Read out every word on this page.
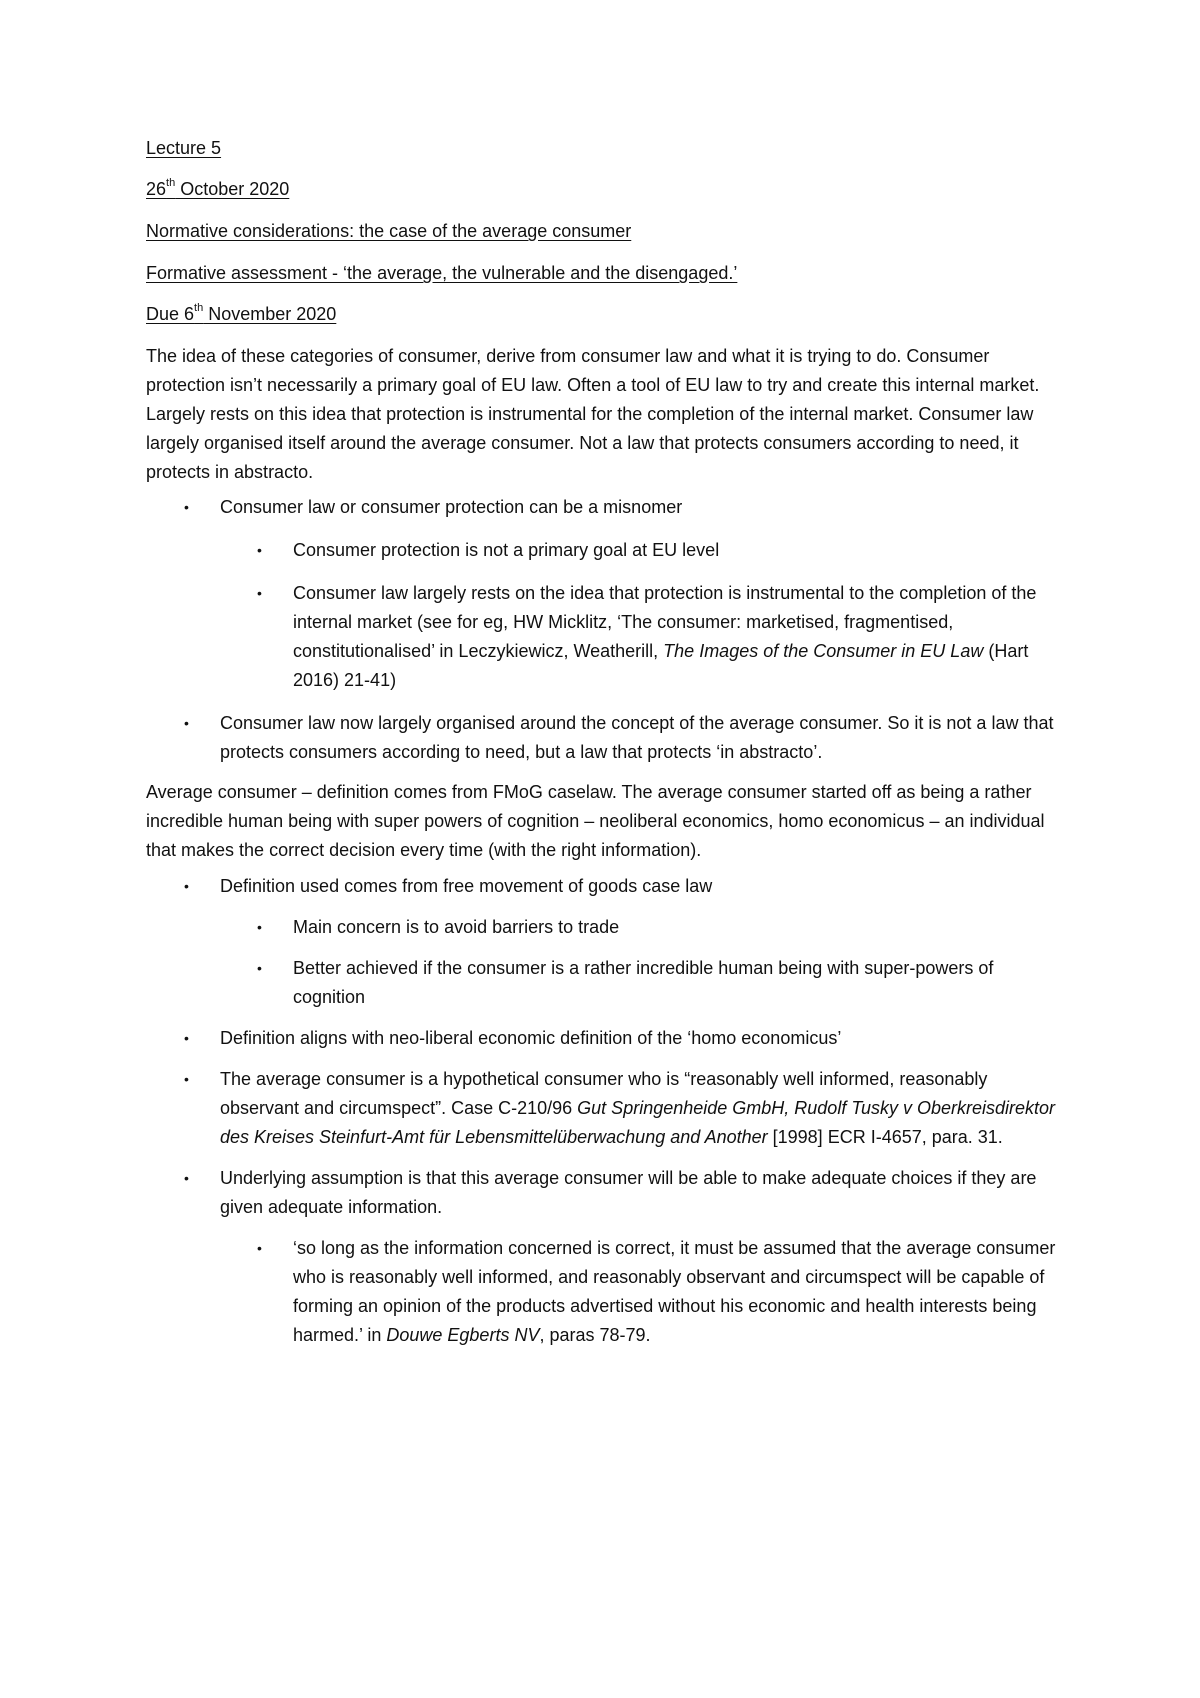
Lecture 5

26th October 2020

Normative considerations: the case of the average consumer

Formative assessment - ‘the average, the vulnerable and the disengaged.’

Due 6th November 2020

The idea of these categories of consumer, derive from consumer law and what it is trying to do. Consumer protection isn’t necessarily a primary goal of EU law. Often a tool of EU law to try and create this internal market. Largely rests on this idea that protection is instrumental for the completion of the internal market. Consumer law largely organised itself around the average consumer. Not a law that protects consumers according to need, it protects in abstracto.

• Consumer law or consumer protection can be a misnomer
• Consumer protection is not a primary goal at EU level
• Consumer law largely rests on the idea that protection is instrumental to the completion of the internal market (see for eg, HW Micklitz, ‘The consumer: marketised, fragmentised, constitutionalised’ in Leczykiewicz, Weatherill, The Images of the Consumer in EU Law (Hart 2016) 21-41)
• Consumer law now largely organised around the concept of the average consumer. So it is not a law that protects consumers according to need, but a law that protects ‘in abstracto’.

Average consumer – definition comes from FMoG caselaw. The average consumer started off as being a rather incredible human being with super powers of cognition – neoliberal economics, homo economicus – an individual that makes the correct decision every time (with the right information).

• Definition used comes from free movement of goods case law
• Main concern is to avoid barriers to trade
• Better achieved if the consumer is a rather incredible human being with super-powers of cognition
• Definition aligns with neo-liberal economic definition of the ‘homo economicus’
• The average consumer is a hypothetical consumer who is “reasonably well informed, reasonably observant and circumspect”. Case C-210/96 Gut Springenheide GmbH, Rudolf Tusky v Oberkreisdirektor des Kreises Steinfurt-Amt für Lebensmittelüberwachung and Another [1998] ECR I-4657, para. 31.
• Underlying assumption is that this average consumer will be able to make adequate choices if they are given adequate information.
• ‘so long as the information concerned is correct, it must be assumed that the average consumer who is reasonably well informed, and reasonably observant and circumspect will be capable of forming an opinion of the products advertised without his economic and health interests being harmed.’ in Douwe Egberts NV, paras 78-79.
